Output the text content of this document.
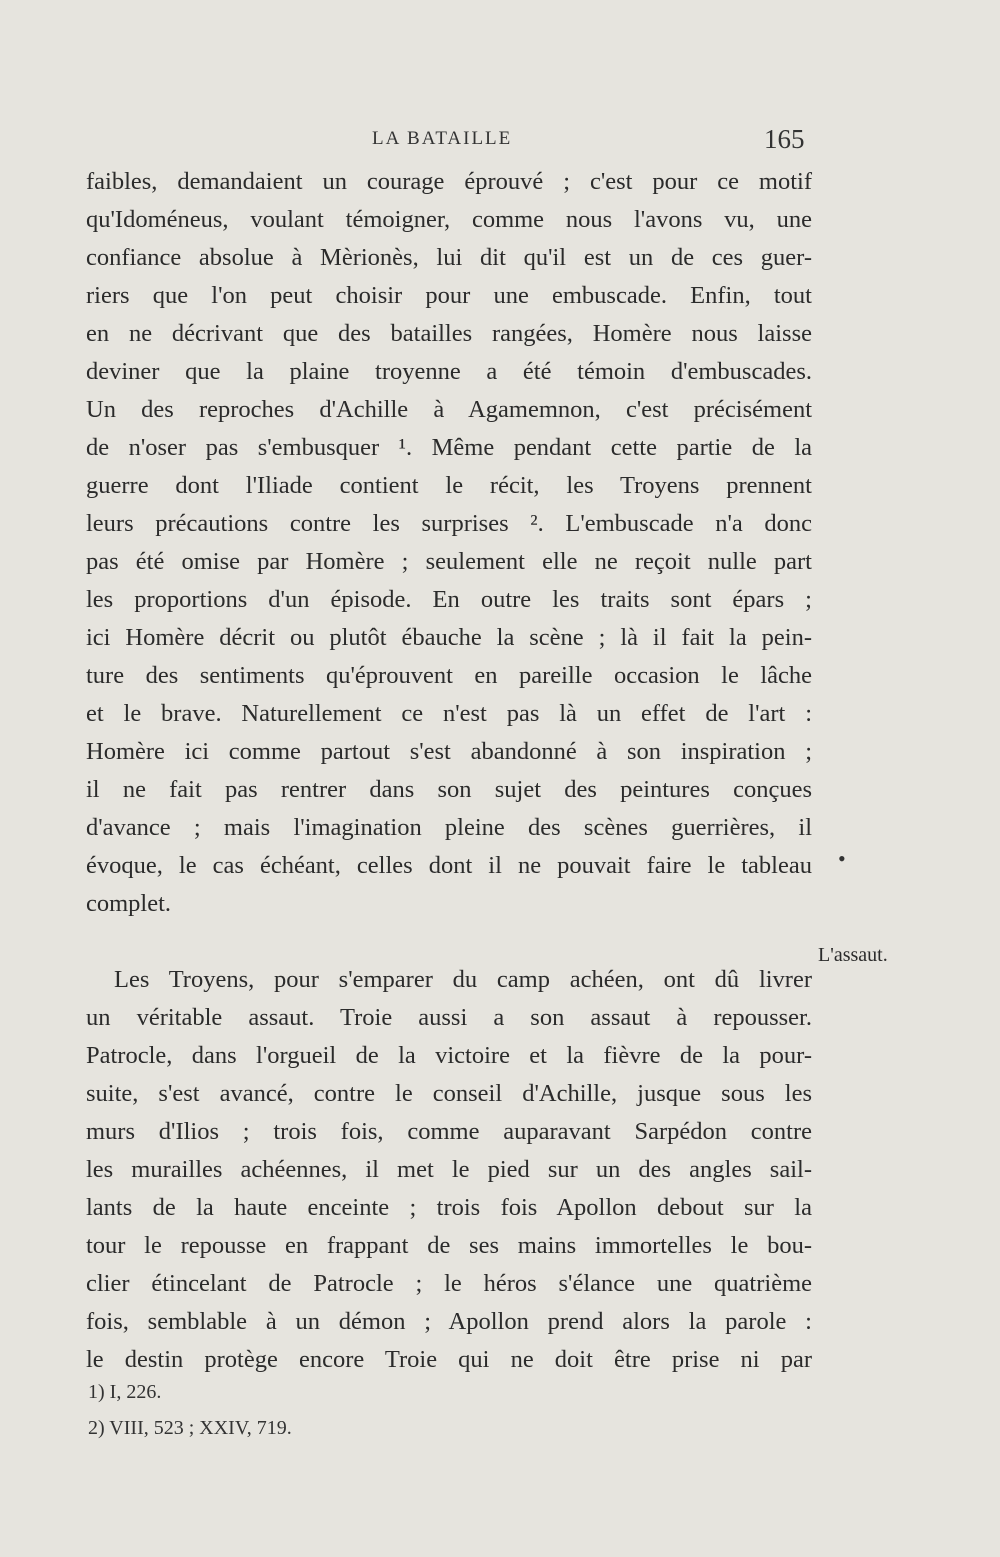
LA BATAILLE	165
faibles, demandaient un courage éprouvé ; c'est pour ce motif
qu'Idoméneus, voulant témoigner, comme nous l'avons vu, une
confiance absolue à Mèrionès, lui dit qu'il est un de ces guer-
riers que l'on peut choisir pour une embuscade. Enfin, tout
en ne décrivant que des batailles rangées, Homère nous laisse
deviner que la plaine troyenne a été témoin d'embuscades.
Un des reproches d'Achille à Agamemnon, c'est précisément
de n'oser pas s'embusquer ¹. Même pendant cette partie de la
guerre dont l'Iliade contient le récit, les Troyens prennent
leurs précautions contre les surprises ². L'embuscade n'a donc
pas été omise par Homère ; seulement elle ne reçoit nulle part
les proportions d'un épisode. En outre les traits sont épars ;
ici Homère décrit ou plutôt ébauche la scène ; là il fait la pein-
ture des sentiments qu'éprouvent en pareille occasion le lâche
et le brave. Naturellement ce n'est pas là un effet de l'art :
Homère ici comme partout s'est abandonné à son inspiration ;
il ne fait pas rentrer dans son sujet des peintures conçues
d'avance ; mais l'imagination pleine des scènes guerrières, il
évoque, le cas échéant, celles dont il ne pouvait faire le tableau
complet.
Les Troyens, pour s'emparer du camp achéen, ont dû livrer
un véritable assaut. Troie aussi a son assaut à repousser.
Patrocle, dans l'orgueil de la victoire et la fièvre de la pour-
suite, s'est avancé, contre le conseil d'Achille, jusque sous les
murs d'Ilios ; trois fois, comme auparavant Sarpédon contre
les murailles achéennes, il met le pied sur un des angles sail-
lants de la haute enceinte ; trois fois Apollon debout sur la
tour le repousse en frappant de ses mains immortelles le bou-
clier étincelant de Patrocle ; le héros s'élance une quatrième
fois, semblable à un démon ; Apollon prend alors la parole :
le destin protège encore Troie qui ne doit être prise ni par
•
L'assaut.
1) I, 226.
2) VIII, 523 ; XXIV, 719.
